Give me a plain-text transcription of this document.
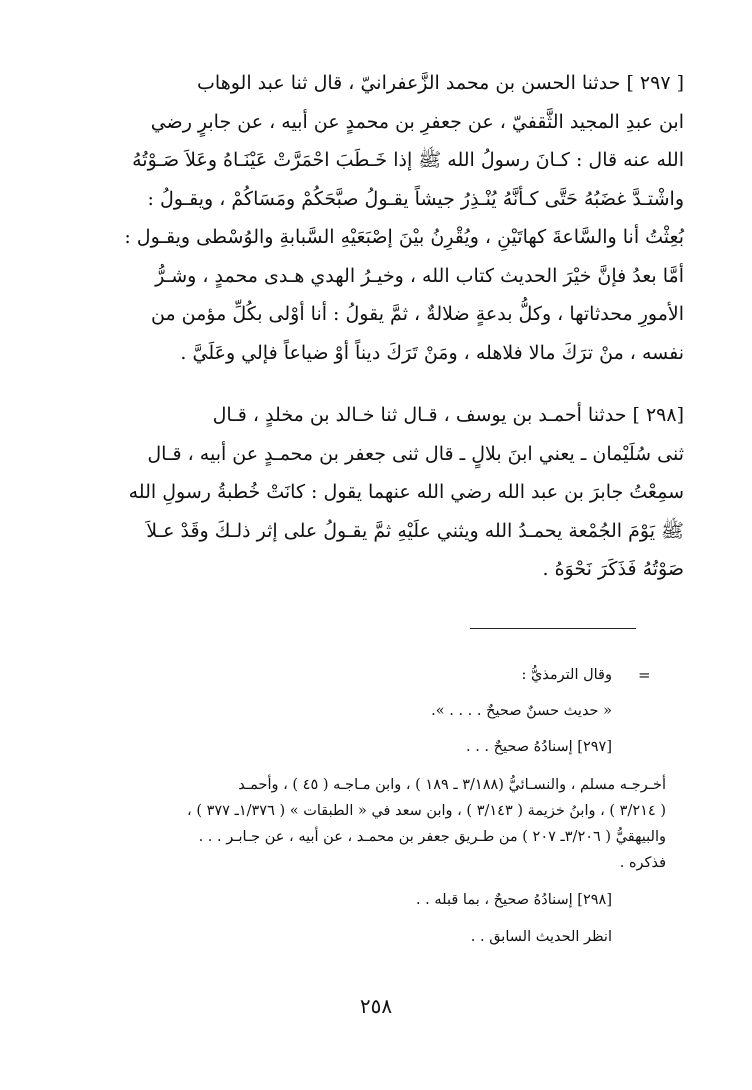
[ ٢٩٧ ] حدثنا الحسن بن محمد الزَّعفرانيّ ، قال ثنا عبد الوهاب

ابن عبدِ المجيد الثَّقفيّ ، عن جعفرِ بن محمدٍ عن أبيه ، عن جابرٍ رضي

الله عنه قال : كـانَ رسولُ الله ﷺ إذا خَـطَبَ احْمَرَّتْ عَيْنَـاهُ وعَلاَ صَـوْتُهُ

واشْتـدَّ غضَبُهُ حَتَّى كـأنَّهُ يُنْـذِرُ جيشاً يقـولُ صبَّحَكُمْ ومَسَاكُمْ ، ويقـولُ :

بُعِثْتُ أنا والسَّاعةَ كهاتَيْنِ ، ويُقْرِنُ بيْنَ إصْبَعَيْهِ السَّبابةِ والوُسْطى ويقـول :

أمَّا بعدُ فإنَّ خيْرَ الحديث كتاب الله ، وخيـرُ الهدي هـدى محمدٍ ، وشـرُّ

الأمورِ محدثاتها ، وكلُّ بدعةٍ ضلالةٌ ، ثمَّ يقولُ : أنا أوْلى بكُلِّ مؤمن من

نفسه ، منْ ترَكَ مالا فلاهله ، ومَنْ تَرَكَ ديناً أوْ ضياعاً فإلي وعَلَيَّ .

[٢٩٨ ] حدثنا أحمـد بن يوسف ، قـال ثنا خـالد بن مخلدٍ ، قـال

ثنى سُلَيْمان ـ يعني ابنَ بلالٍ ـ قال ثنى جعفر بن محمـدٍ عن أبيه ، قـال

سمِعْتُ جابرَ بن عبد الله رضي الله عنهما يقول : كانَتْ خُطبةُ رسولِ الله

ﷺ يَوْمَ الجُمْعة يحمـدُ الله ويثني علَيْهِ ثمَّ يقـولُ على إثر ذلـكَ وقَدْ عـلاَ

صَوْتُهُ فَذَكَرَ نَحْوَهُ .

=

وقال الترمذيُّ :

« حديث حسنٌ صحيحٌ . . . . ».

[٢٩٧] إسنادُهُ صحيحٌ . . .

أخـرجـه مسلم ، والنسـائيُّ (٣/١٨٨ ـ ١٨٩ ) ، وابن مـاجـه ( ٤٥ ) ، وأحمـد

( ٣/٢١٤ ) ، وابنُ خزيمة ( ٣/١٤٣ ) ، وابن سعد في « الطبقات » ( ١/٣٧٦ـ ٣٧٧ ) ،

والبيهقيُّ ( ٣/٢٠٦ـ ٢٠٧ ) من طـريق جعفر بن محمـد ، عن أبيه ، عن جـابـر . . .

فذكره .

[٢٩٨] إسنادُهُ صحيحٌ ، بما قبله . .

انظر الحديث السابق . .

٢٥٨
